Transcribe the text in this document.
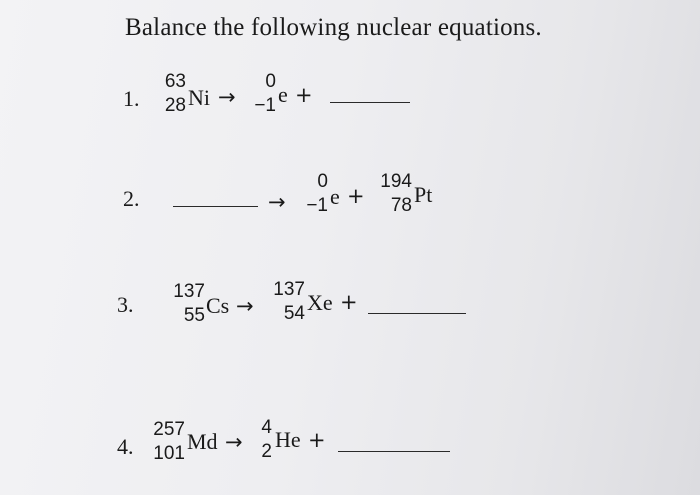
Balance the following nuclear equations.
1.
63
28 Ni →
0
−1 e +
2.	→
0
−1 e +
194
78 Pt
3.
137
55 Cs →
137
54 Xe +
4.
257
101 Md →
4
2 He +
